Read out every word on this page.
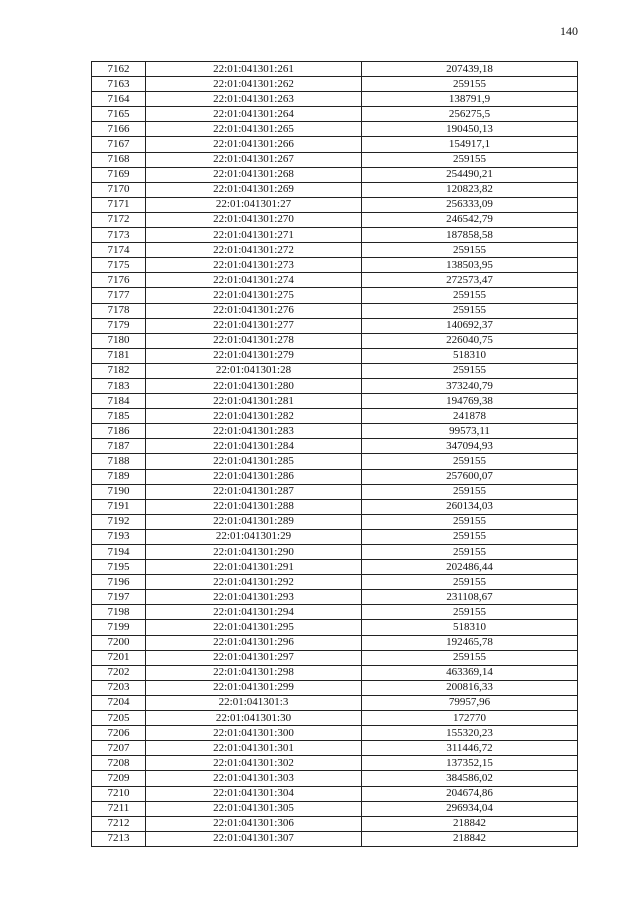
140
7162	22:01:041301:261	207439,18
7163	22:01:041301:262	259155
7164	22:01:041301:263	138791,9
7165	22:01:041301:264	256275,5
7166	22:01:041301:265	190450,13
7167	22:01:041301:266	154917,1
7168	22:01:041301:267	259155
7169	22:01:041301:268	254490,21
7170	22:01:041301:269	120823,82
7171	22:01:041301:27	256333,09
7172	22:01:041301:270	246542,79
7173	22:01:041301:271	187858,58
7174	22:01:041301:272	259155
7175	22:01:041301:273	138503,95
7176	22:01:041301:274	272573,47
7177	22:01:041301:275	259155
7178	22:01:041301:276	259155
7179	22:01:041301:277	140692,37
7180	22:01:041301:278	226040,75
7181	22:01:041301:279	518310
7182	22:01:041301:28	259155
7183	22:01:041301:280	373240,79
7184	22:01:041301:281	194769,38
7185	22:01:041301:282	241878
7186	22:01:041301:283	99573,11
7187	22:01:041301:284	347094,93
7188	22:01:041301:285	259155
7189	22:01:041301:286	257600,07
7190	22:01:041301:287	259155
7191	22:01:041301:288	260134,03
7192	22:01:041301:289	259155
7193	22:01:041301:29	259155
7194	22:01:041301:290	259155
7195	22:01:041301:291	202486,44
7196	22:01:041301:292	259155
7197	22:01:041301:293	231108,67
7198	22:01:041301:294	259155
7199	22:01:041301:295	518310
7200	22:01:041301:296	192465,78
7201	22:01:041301:297	259155
7202	22:01:041301:298	463369,14
7203	22:01:041301:299	200816,33
7204	22:01:041301:3	79957,96
7205	22:01:041301:30	172770
7206	22:01:041301:300	155320,23
7207	22:01:041301:301	311446,72
7208	22:01:041301:302	137352,15
7209	22:01:041301:303	384586,02
7210	22:01:041301:304	204674,86
7211	22:01:041301:305	296934,04
7212	22:01:041301:306	218842
7213	22:01:041301:307	218842
